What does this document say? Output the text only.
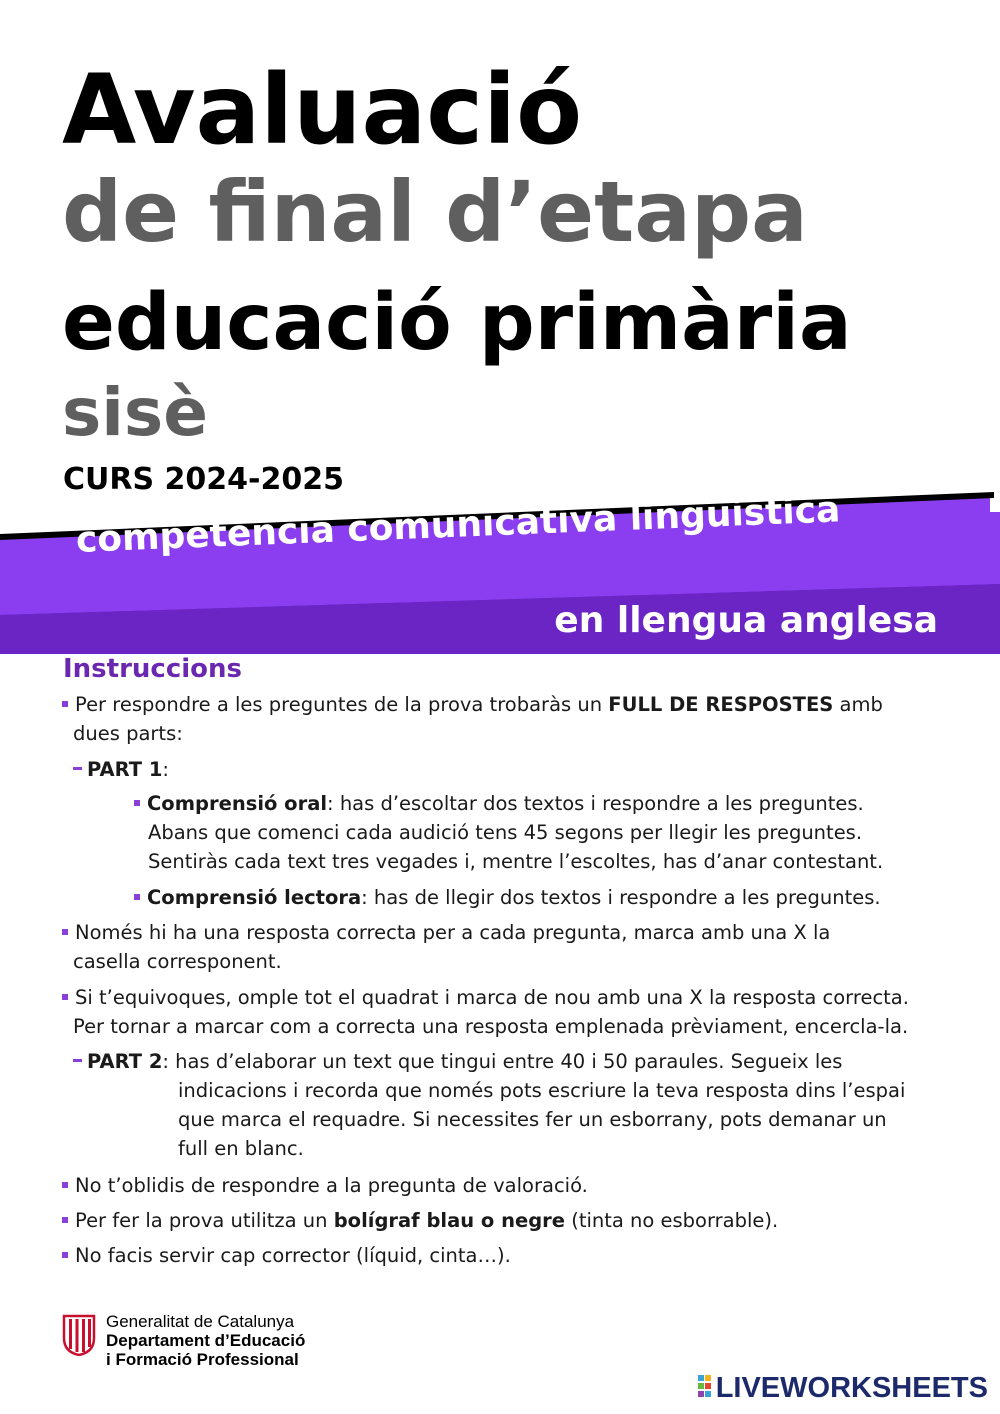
Avaluació
de final d’etapa
educació primària
sisè
CURS 2024-2025
competència comunicativa lingüística
en llengua anglesa
Instruccions
Per respondre a les preguntes de la prova trobaràs un FULL DE RESPOSTES amb
dues parts:
PART 1:
Comprensió oral: has d’escoltar dos textos i respondre a les preguntes.
Abans que comenci cada audició tens 45 segons per llegir les preguntes.
Sentiràs cada text tres vegades i, mentre l’escoltes, has d’anar contestant.
Comprensió lectora: has de llegir dos textos i respondre a les preguntes.
Només hi ha una resposta correcta per a cada pregunta, marca amb una X la
casella corresponent.
Si t’equivoques, omple tot el quadrat i marca de nou amb una X la resposta correcta.
Per tornar a marcar com a correcta una resposta emplenada prèviament, encercla-la.
PART 2: has d’elaborar un text que tingui entre 40 i 50 paraules. Segueix les
indicacions i recorda que només pots escriure la teva resposta dins l’espai
que marca el requadre. Si necessites fer un esborrany, pots demanar un
full en blanc.
No t’oblidis de respondre a la pregunta de valoració.
Per fer la prova utilitza un bolígraf blau o negre (tinta no esborrable).
No facis servir cap corrector (líquid, cinta…).
Generalitat de Catalunya
Departament d’Educació
i Formació Professional
LIVEWORKSHEETS
